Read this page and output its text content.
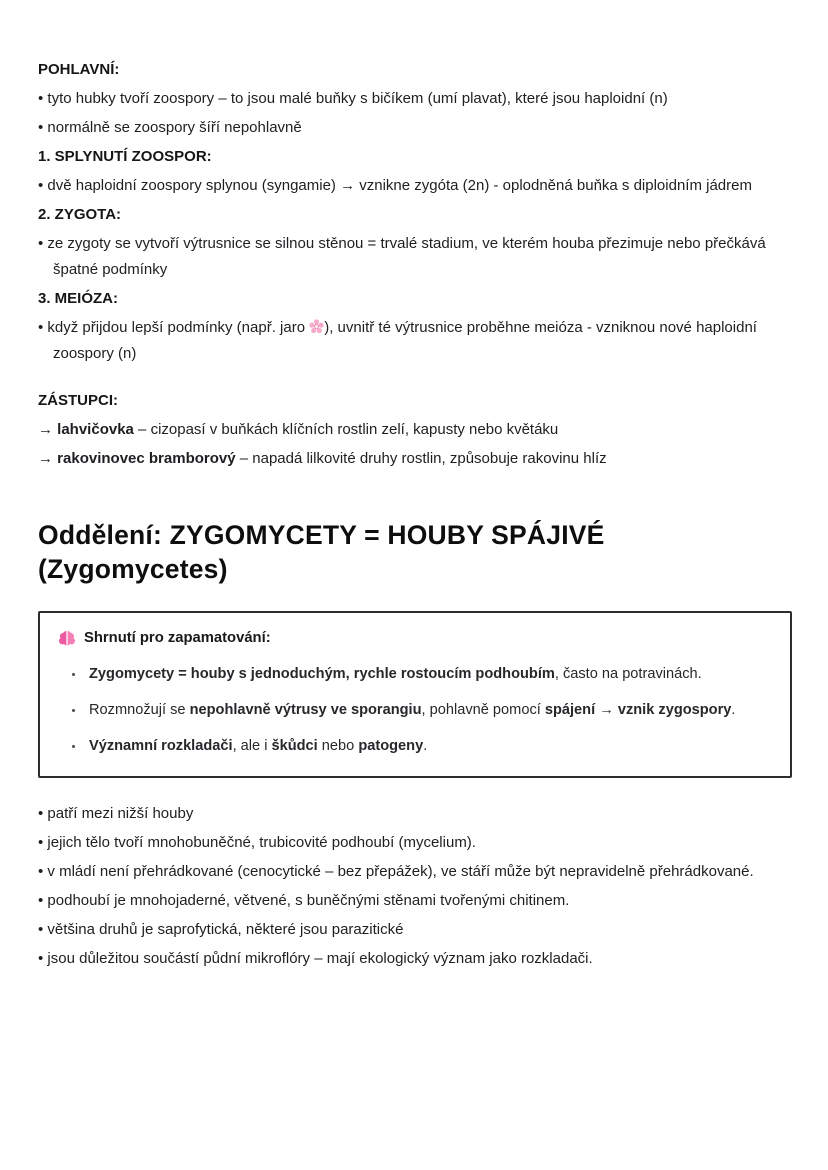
POHLAVNÍ:

• tyto hubky tvoří zoospory – to jsou malé buňky s bičíkem (umí plavat), které jsou haploidní (n)

• normálně se zoospory šíří nepohlavně

1. SPLYNUTÍ ZOOSPOR:

• dvě haploidní zoospory splynou (syngamie) → vznikne zygóta (2n) - oplodněná buňka s diploidním jádrem

2. ZYGOTA:

• ze zygoty se vytvoří výtrusnice se silnou stěnou = trvalé stadium, ve kterém houba přezimuje nebo přečkává špatné podmínky

3. MEIÓZA:

• když přijdou lepší podmínky (např. jaro
), uvnitř té výtrusnice proběhne meióza - vzniknou nové haploidní zoospory (n)

ZÁSTUPCI:

→ lahvičovka – cizopasí v buňkách klíčních rostlin zelí, kapusty nebo květáku

→ rakovinovec bramborový – napadá lilkovité druhy rostlin, způsobuje rakovinu hlíz

Oddělení: ZYGOMYCETY = HOUBY SPÁJIVÉ (Zygomycetes)
Shrnutí pro zapamatování:
• Zygomycety = houby s jednoduchým, rychle rostoucím podhoubím, často na potravinách.
• Rozmnožují se nepohlavně výtrusy ve sporangiu, pohlavně pomocí spájení → vznik zygospory.
• Významní rozkladači, ale i škůdci nebo patogeny.

• patří mezi nižší houby

• jejich tělo tvoří mnohobuněčné, trubicovité podhoubí (mycelium).

• v mládí není přehrádkované (cenocytické – bez přepážek), ve stáří může být nepravidelně přehrádkované.

• podhoubí je mnohojaderné, větvené, s buněčnými stěnami tvořenými chitinem.

• většina druhů je saprofytická, některé jsou parazitické

• jsou důležitou součástí půdní mikroflóry – mají ekologický význam jako rozkladači.
